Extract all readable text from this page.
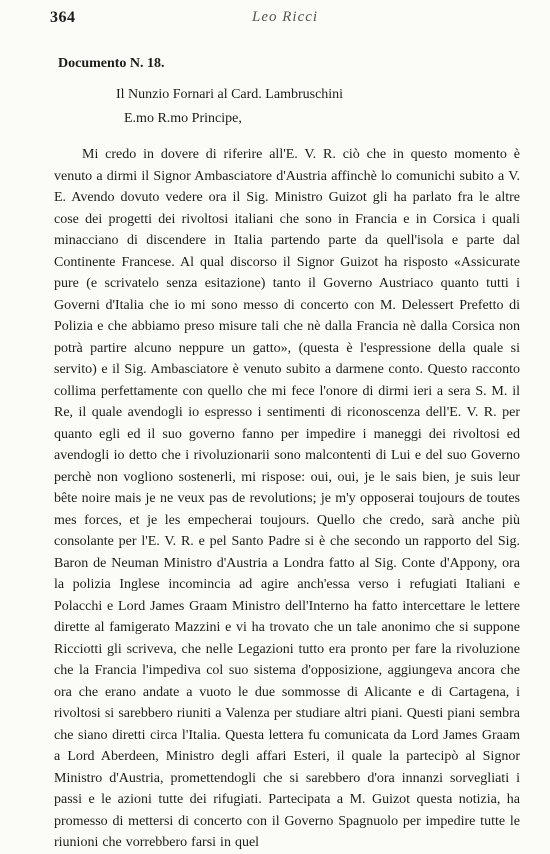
364	Leo Ricci
Documento N. 18.
Il Nunzio Fornari al Card. Lambruschini
E.mo R.mo Principe,

Mi credo in dovere di riferire all'E. V. R. ciò che in questo momento è venuto a dirmi il Signor Ambasciatore d'Austria affinchè lo comunichi subito a V. E. Avendo dovuto vedere ora il Sig. Ministro Guizot gli ha parlato fra le altre cose dei progetti dei rivoltosi italiani che sono in Francia e in Corsica i quali minacciano di discendere in Italia partendo parte da quell'isola e parte dal Continente Francese. Al qual discorso il Signor Guizot ha risposto «Assicurate pure (e scrivatelo senza esitazione) tanto il Governo Austriaco quanto tutti i Governi d'Italia che io mi sono messo di concerto con M. Delessert Prefetto di Polizia e che abbiamo preso misure tali che nè dalla Francia nè dalla Corsica non potrà partire alcuno neppure un gatto», (questa è l'espressione della quale si servito) e il Sig. Ambasciatore è venuto subito a darmene conto. Questo racconto collima perfettamente con quello che mi fece l'onore di dirmi ieri a sera S. M. il Re, il quale avendogli io espresso i sentimenti di riconoscenza dell'E. V. R. per quanto egli ed il suo governo fanno per impedire i maneggi dei rivoltosi ed avendogli io detto che i rivoluzionarii sono malcontenti di Lui e del suo Governo perchè non vogliono sostenerli, mi rispose: oui, oui, je le sais bien, je suis leur bête noire mais je ne veux pas de revolutions; je m'y opposerai toujours de toutes mes forces, et je les empecherai toujours. Quello che credo, sarà anche più consolante per l'E. V. R. e pel Santo Padre si è che secondo un rapporto del Sig. Baron de Neuman Ministro d'Austria a Londra fatto al Sig. Conte d'Appony, ora la polizia Inglese incomincia ad agire anch'essa verso i refugiati Italiani e Polacchi e Lord James Graam Ministro dell'Interno ha fatto intercettare le lettere dirette al famigerato Mazzini e vi ha trovato che un tale anonimo che si suppone Ricciotti gli scriveva, che nelle Legazioni tutto era pronto per fare la rivoluzione che la Francia l'impediva col suo sistema d'opposizione, aggiungeva ancora che ora che erano andate a vuoto le due sommosse di Alicante e di Cartagena, i rivoltosi si sarebbero riuniti a Valenza per studiare altri piani. Questi piani sembra che siano diretti circa l'Italia. Questa lettera fu comunicata da Lord James Graam a Lord Aberdeen, Ministro degli affari Esteri, il quale la partecipò al Signor Ministro d'Austria, promettendogli che si sarebbero d'ora innanzi sorvegliati i passi e le azioni tutte dei rifugiati. Partecipata a M. Guizot questa notizia, ha promesso di mettersi di concerto con il Governo Spagnuolo per impedire tutte le riunioni che vorrebbero farsi in quel
